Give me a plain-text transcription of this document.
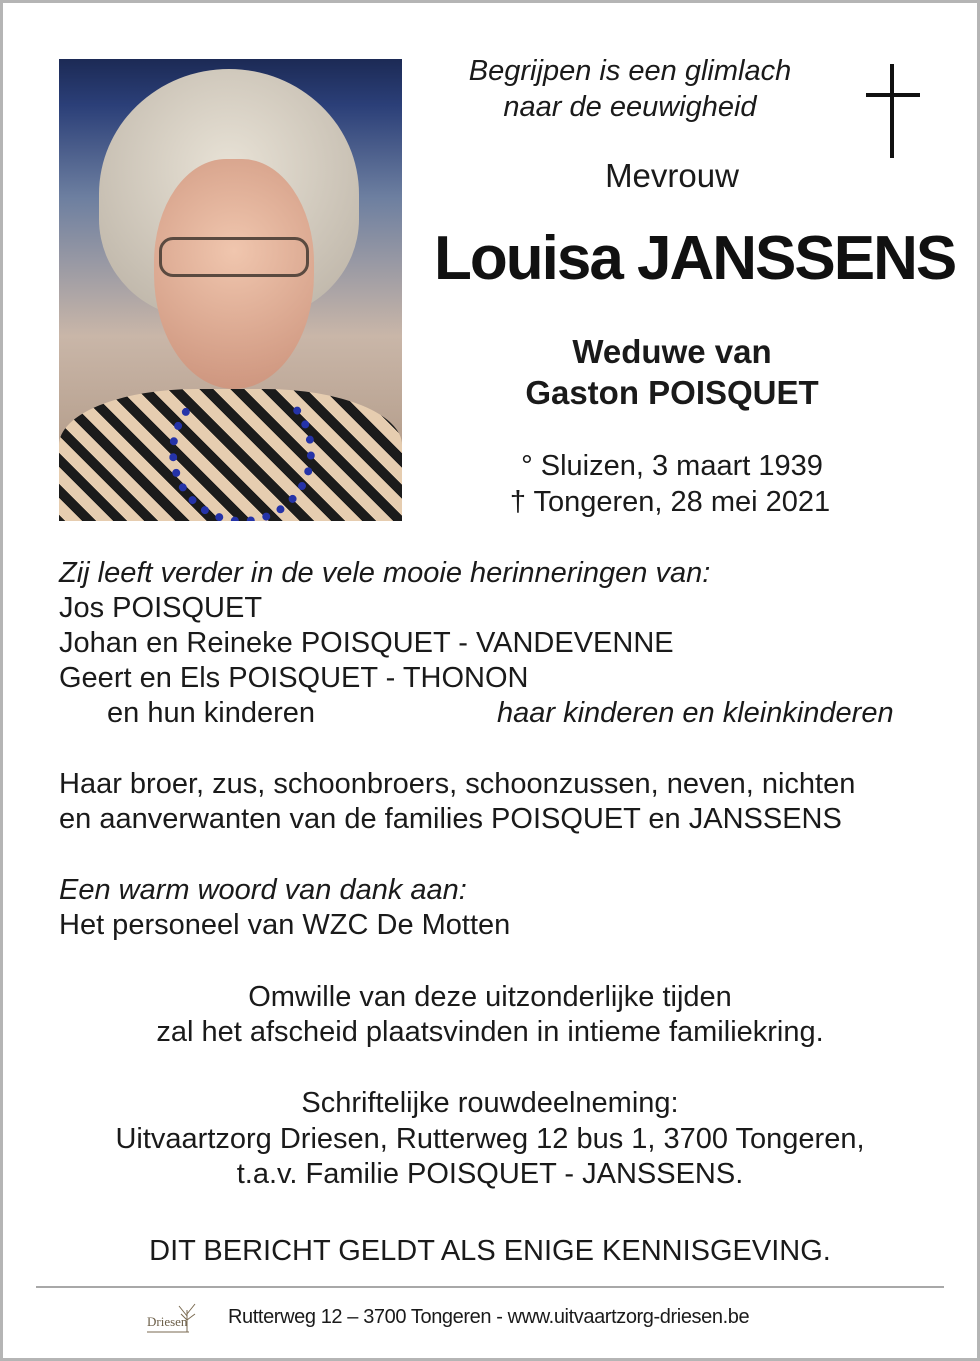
Begrijpen is een glimlach
naar de eeuwigheid
Mevrouw
Louisa JANSSENS
Weduwe van
Gaston POISQUET
° Sluizen, 3 maart 1939
† Tongeren, 28 mei 2021
Zij leeft verder in de vele mooie herinneringen van:
Jos POISQUET
Johan en Reineke POISQUET - VANDEVENNE
Geert en Els POISQUET - THONON
en hun kinderen	haar kinderen en kleinkinderen
Haar broer, zus, schoonbroers, schoonzussen, neven, nichten
en aanverwanten van de families POISQUET en JANSSENS
Een warm woord van dank aan:
Het personeel van WZC De Motten
Omwille van deze uitzonderlijke tijden
zal het afscheid plaatsvinden in intieme familiekring.
Schriftelijke rouwdeelneming:
Uitvaartzorg Driesen, Rutterweg 12 bus 1, 3700 Tongeren,
t.a.v. Familie POISQUET - JANSSENS.
DIT BERICHT GELDT ALS ENIGE KENNISGEVING.
Driesen Rutterweg 12 – 3700 Tongeren - www.uitvaartzorg-driesen.be
